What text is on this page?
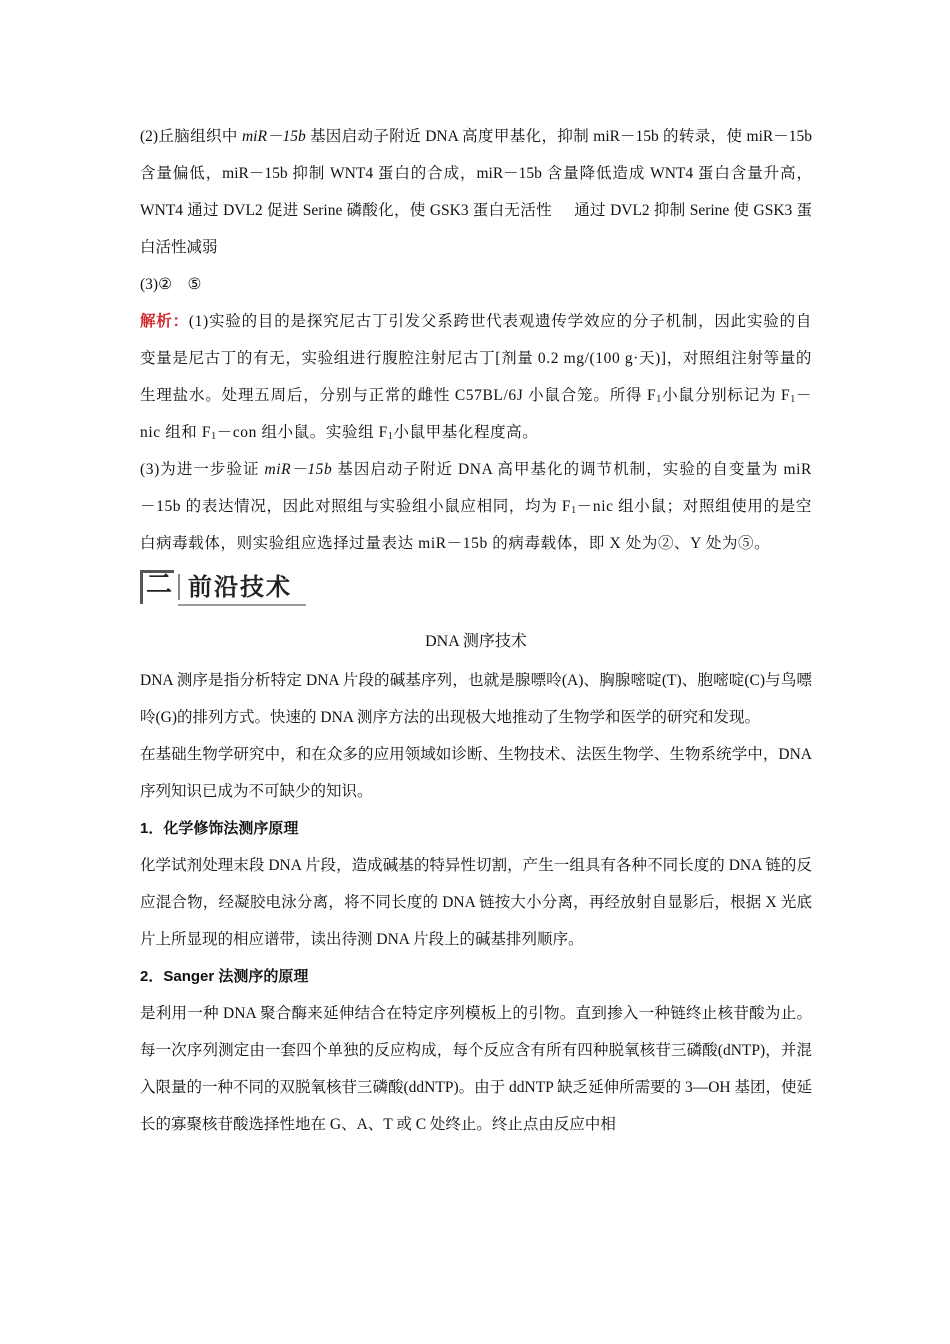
(2)丘脑组织中 miR－15b 基因启动子附近 DNA 高度甲基化，抑制 miR－15b 的转录，使 miR－15b 含量偏低，miR－15b 抑制 WNT4 蛋白的合成，miR－15b 含量降低造成 WNT4 蛋白含量升高，WNT4 通过 DVL2 促进 Serine 磷酸化，使 GSK3 蛋白无活性 通过 DVL2 抑制 Serine 使 GSK3 蛋白活性减弱

(3)②　⑤

解析：(1)实验的目的是探究尼古丁引发父系跨世代表观遗传学效应的分子机制，因此实验的自变量是尼古丁的有无，实验组进行腹腔注射尼古丁[剂量 0.2 mg/(100 g·天)]，对照组注射等量的生理盐水。处理五周后，分别与正常的雌性 C57BL/6J 小鼠合笼。所得 $F_1$小鼠分别标记为 $F_1-nic$ 组和 $F_1-con$ 组小鼠。实验组 $F_1$小鼠甲基化程度高。

(3)为进一步验证 miR－15b 基因启动子附近 DNA 高甲基化的调节机制，实验的自变量为 miR－15b 的表达情况，因此对照组与实验组小鼠应相同，均为 $F_1-nic$ 组小鼠；对照组使用的是空白病毒载体，则实验组应选择过量表达 miR－15b 的病毒载体，即 X 处为②、Y 处为⑤。

二 前沿技术
DNA 测序技术

DNA 测序是指分析特定 DNA 片段的碱基序列，也就是腺嘌呤(A)、胸腺嘧啶(T)、胞嘧啶(C)与鸟嘌呤(G)的排列方式。快速的 DNA 测序方法的出现极大地推动了生物学和医学的研究和发现。

在基础生物学研究中，和在众多的应用领域如诊断、生物技术、法医生物学、生物系统学中，DNA 序列知识已成为不可缺少的知识。

1．化学修饰法测序原理

化学试剂处理末段 DNA 片段，造成碱基的特异性切割，产生一组具有各种不同长度的 DNA 链的反应混合物，经凝胶电泳分离，将不同长度的 DNA 链按大小分离，再经放射自显影后，根据 X 光底片上所显现的相应谱带，读出待测 DNA 片段上的碱基排列顺序。

2．Sanger 法测序的原理

是利用一种 DNA 聚合酶来延伸结合在特定序列模板上的引物。直到掺入一种链终止核苷酸为止。每一次序列测定由一套四个单独的反应构成，每个反应含有所有四种脱氧核苷三磷酸(dNTP)，并混入限量的一种不同的双脱氧核苷三磷酸(ddNTP)。由于 ddNTP 缺乏延伸所需要的 3—OH 基团，使延长的寡聚核苷酸选择性地在 G、A、T 或 C 处终止。终止点由反应中相
